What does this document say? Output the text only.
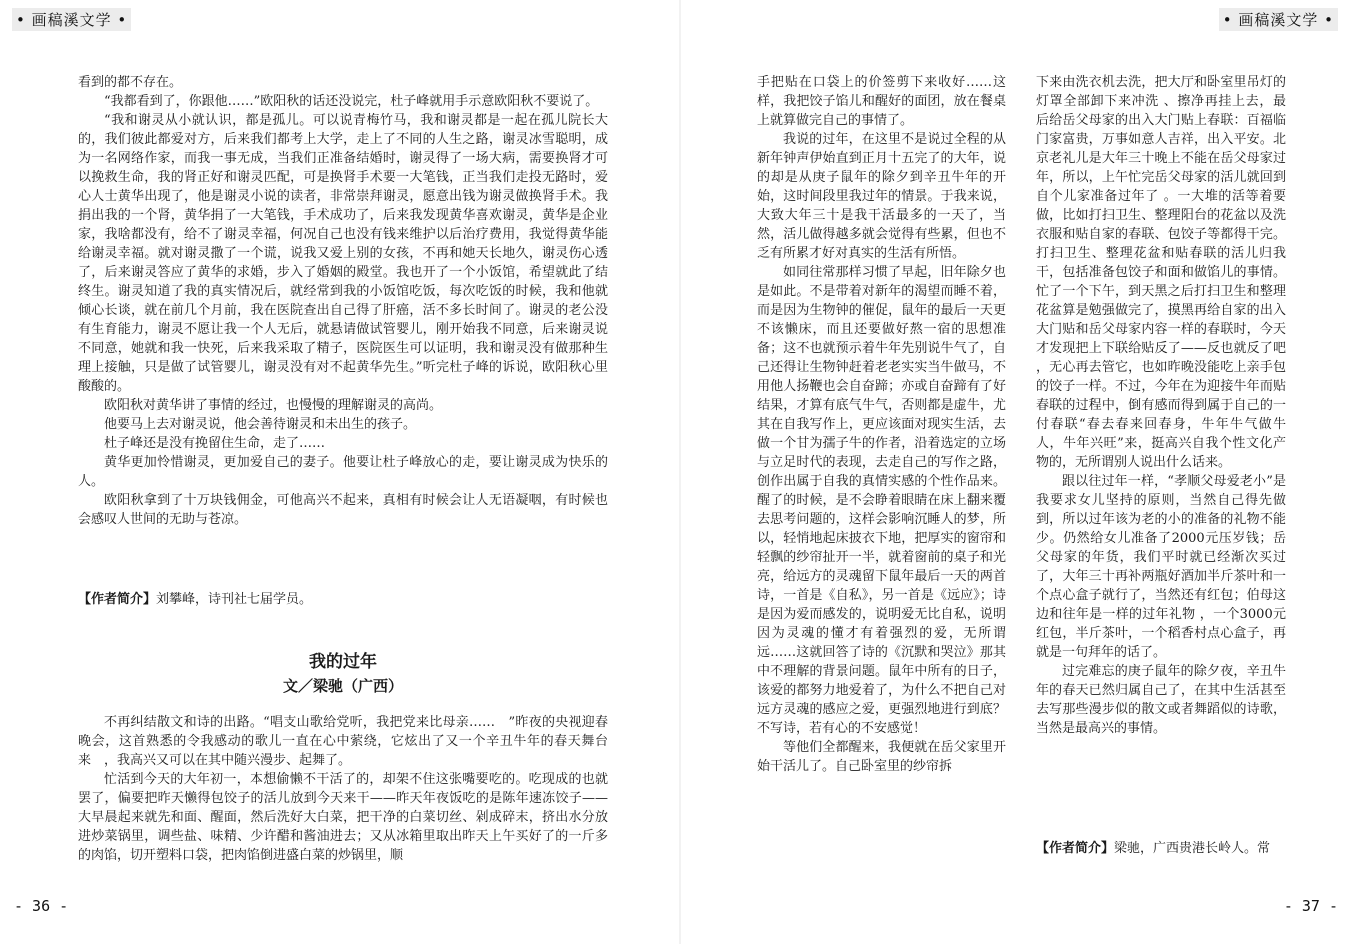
• 画稿溪文学 •	• 画稿溪文学 •

看到的都不存在。

“我都看到了，你跟他……”欧阳秋的话还没说完，杜子峰就用手示意欧阳秋不要说了。

“我和谢灵从小就认识，都是孤儿。可以说青梅竹马，我和谢灵都是一起在孤儿院长大的，我们彼此都爱对方，后来我们都考上大学，走上了不同的人生之路，谢灵冰雪聪明，成为一名网络作家，而我一事无成，当我们正准备结婚时，谢灵得了一场大病，需要换肾才可以挽救生命，我的肾正好和谢灵匹配，可是换肾手术要一大笔钱，正当我们走投无路时，爱心人士黄华出现了，他是谢灵小说的读者，非常崇拜谢灵，愿意出钱为谢灵做换肾手术。我捐出我的一个肾，黄华捐了一大笔钱，手术成功了，后来我发现黄华喜欢谢灵，黄华是企业家，我啥都没有，给不了谢灵幸福，何况自己也没有钱来维护以后治疗费用，我觉得黄华能给谢灵幸福。就对谢灵撒了一个谎，说我又爱上别的女孩，不再和她天长地久，谢灵伤心透了，后来谢灵答应了黄华的求婚，步入了婚姻的殿堂。我也开了一个小饭馆，希望就此了结终生。谢灵知道了我的真实情况后，就经常到我的小饭馆吃饭，每次吃饭的时候，我和他就倾心长谈，就在前几个月前，我在医院查出自己得了肝癌，活不多长时间了。谢灵的老公没有生育能力，谢灵不愿让我一个人无后，就悬请做试管婴儿，刚开始我不同意，后来谢灵说不同意，她就和我一快死，后来我采取了精子，医院医生可以证明，我和谢灵没有做那种生理上接触，只是做了试管婴儿，谢灵没有对不起黄华先生。”听完杜子峰的诉说，欧阳秋心里酸酸的。

欧阳秋对黄华讲了事情的经过，也慢慢的理解谢灵的高尚。

他要马上去对谢灵说，他会善待谢灵和未出生的孩子。

杜子峰还是没有挽留住生命，走了……

黄华更加怜惜谢灵，更加爱自己的妻子。他要让杜子峰放心的走，要让谢灵成为快乐的人。

欧阳秋拿到了十万块钱佣金，可他高兴不起来，真相有时候会让人无语凝咽，有时候也会感叹人世间的无助与苍凉。

【作者简介】刘攀峰，诗刊社七届学员。

我的过年
文／梁驰（广西）

不再纠结散文和诗的出路。“唱支山歌给党听，我把党来比母亲……　”昨夜的央视迎春晚会，这首熟悉的令我感动的歌儿一直在心中萦绕，它炫出了又一个辛丑牛年的春天舞台来　，我高兴又可以在其中随兴漫步、起舞了。

忙活到今天的大年初一，本想偷懒不干活了的，却架不住这张嘴要吃的。吃现成的也就罢了，偏要把昨天懒得包饺子的活儿放到今天来干——昨天年夜饭吃的是陈年速冻饺子——大早晨起来就先和面、醒面，然后洗好大白菜，把干净的白菜切丝、剁成碎末，挤出水分放进炒菜锅里，调些盐、味精、少许醋和酱油进去；又从冰箱里取出昨天上午买好了的一斤多的肉馅，切开塑料口袋，把肉馅倒进盛白菜的炒锅里，顺

手把贴在口袋上的价签剪下来收好……这样，我把饺子馅儿和醒好的面团，放在餐桌上就算做完自己的事情了。

我说的过年，在这里不是说过全程的从新年钟声伊始直到正月十五完了的大年，说的却是从庚子鼠年的除夕到辛丑牛年的开始，这时间段里我过年的情景。于我来说，大致大年三十是我干活最多的一天了，当然，活儿做得越多就会觉得有些累，但也不乏有所累才好对真实的生活有所悟。

如同往常那样习惯了早起，旧年除夕也是如此。不是带着对新年的渴望而睡不着，而是因为生物钟的催促，鼠年的最后一天更不该懒床，而且还要做好熬一宿的思想准备；这不也就预示着牛年先别说牛气了，自己还得让生物钟赶着老老实实当牛做马，不用他人扬鞭也会自奋蹄；亦或自奋蹄有了好结果，才算有底气牛气，否则都是虚牛，尤其在自我写作上，更应该面对现实生活，去做一个甘为孺子牛的作者，沿着选定的立场与立足时代的表现，去走自己的写作之路，创作出属于自我的真情实感的个性作品来。醒了的时候，是不会睁着眼睛在床上翻来覆去思考问题的，这样会影响沉睡人的梦，所以，轻悄地起床披衣下地，把厚实的窗帘和轻飘的纱帘扯开一半，就着窗前的桌子和光亮，给远方的灵魂留下鼠年最后一天的两首诗，一首是《自私》，另一首是《远应》；诗是因为爱而感发的，说明爱无比自私，说明因为灵魂的懂才有着强烈的爱，无所谓远……这就回答了诗的《沉默和哭泣》那其中不理解的背景问题。鼠年中所有的日子，该爱的都努力地爱着了，为什么不把自己对远方灵魂的感应之爱，更强烈地进行到底？不写诗，若有心的不安感觉！

等他们全都醒来，我便就在岳父家里开始干活儿了。自己卧室里的纱帘拆

下来由洗衣机去洗，把大厅和卧室里吊灯的灯罩全部卸下来冲洗 、擦净再挂上去，最后给岳父母家的出入大门贴上春联：百福临门家富贵，万事如意人吉祥，出入平安。北京老礼儿是大年三十晚上不能在岳父母家过年，所以，上午忙完岳父母家的活儿就回到自个儿家准备过年了 。一大堆的活等着要做，比如打扫卫生、整理阳台的花盆以及洗衣服和贴自家的春联、包饺子等都得干完。打扫卫生、整理花盆和贴春联的活儿归我干，包括准备包饺子和面和做馅儿的事情。忙了一个下午，到天黑之后打扫卫生和整理花盆算是勉强做完了，摸黑再给自家的出入大门贴和岳父母家内容一样的春联时，今天才发现把上下联给贴反了——反也就反了吧 ，无心再去管它，也如昨晚没能吃上亲手包的饺子一样。不过，今年在为迎接牛年而贴春联的过程中，倒有感而得到属于自己的一付春联“春去春来回春身，牛年牛气做牛人，牛年兴旺”来，挺高兴自我个性文化产物的，无所谓别人说出什么话来。

跟以往过年一样，“孝顺父母爱老小”是我要求女儿坚持的原则，当然自己得先做到，所以过年该为老的小的准备的礼物不能少。仍然给女儿准备了2000元压岁钱；岳父母家的年货，我们平时就已经渐次买过了，大年三十再补两瓶好酒加半斤茶叶和一个点心盒子就行了，当然还有红包；伯母这边和往年是一样的过年礼物 ，一个3000元红包，半斤茶叶，一个稻香村点心盒子，再就是一句拜年的话了。

过完难忘的庚子鼠年的除夕夜，辛丑牛年的春天已然归属自己了，在其中生活甚至去写那些漫步似的散文或者舞蹈似的诗歌，当然是最高兴的事情。

【作者简介】梁驰，广西贵港长岭人。常

- 36 -	- 37 -
